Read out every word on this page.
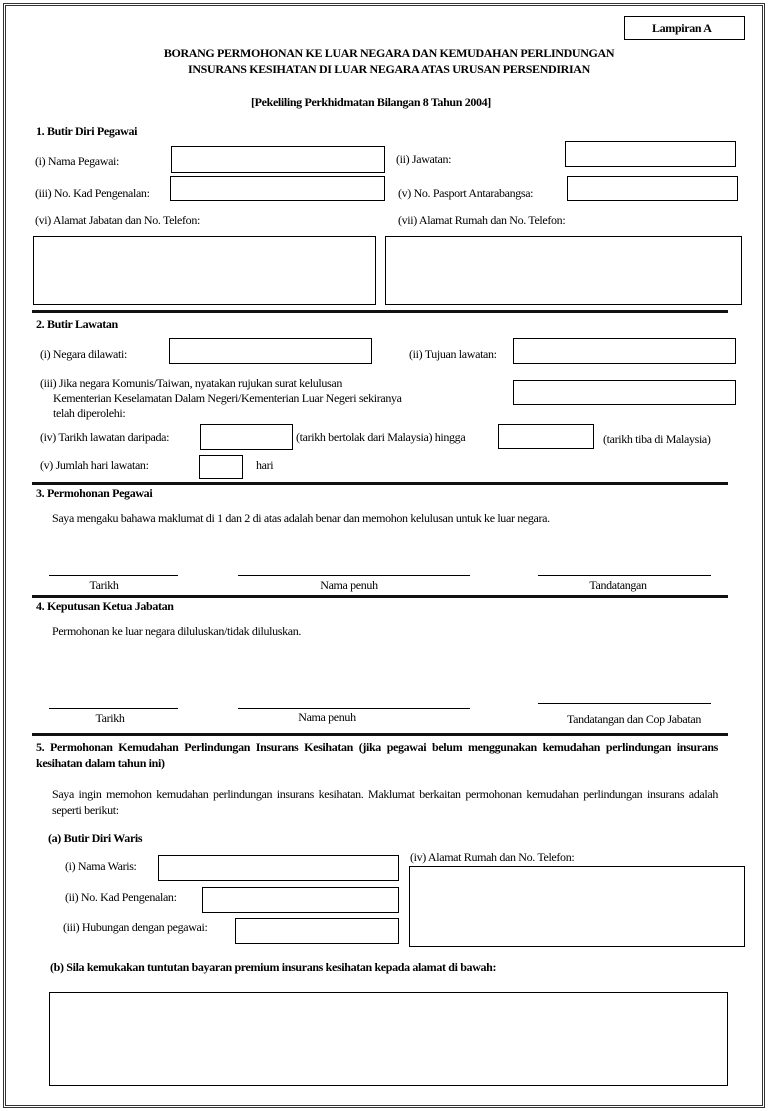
Lampiran A
BORANG PERMOHONAN KE LUAR NEGARA DAN KEMUDAHAN PERLINDUNGAN
INSURANS KESIHATAN DI LUAR NEGARA ATAS URUSAN PERSENDIRIAN
[Pekeliling Perkhidmatan Bilangan 8 Tahun 2004]
1. Butir Diri Pegawai
(i) Nama Pegawai:	(ii) Jawatan:
(iii) No. Kad Pengenalan:	(v) No. Pasport Antarabangsa:
(vi) Alamat Jabatan dan No. Telefon:	(vii) Alamat Rumah dan No. Telefon:
2. Butir Lawatan
(i) Negara dilawati:	(ii) Tujuan lawatan:
(iii) Jika negara Komunis/Taiwan, nyatakan rujukan surat kelulusan
Kementerian Keselamatan Dalam Negeri/Kementerian Luar Negeri sekiranya
telah diperolehi:
(iv) Tarikh lawatan daripada:	(tarikh bertolak dari Malaysia) hingga	(tarikh tiba di Malaysia)
(v) Jumlah hari lawatan:	hari
3. Permohonan Pegawai
Saya mengaku bahawa maklumat di 1 dan 2 di atas adalah benar dan memohon kelulusan untuk ke luar negara.
Tarikh	Nama penuh	Tandatangan
4. Keputusan Ketua Jabatan
Permohonan ke luar negara diluluskan/tidak diluluskan.
Tarikh	Nama penuh	Tandatangan dan Cop Jabatan
5. Permohonan Kemudahan Perlindungan Insurans Kesihatan (jika pegawai belum menggunakan kemudahan perlindungan insurans kesihatan dalam tahun ini)
Saya ingin memohon kemudahan perlindungan insurans kesihatan. Maklumat berkaitan permohonan kemudahan perlindungan insurans adalah seperti berikut:
(a) Butir Diri Waris
(i) Nama Waris:
(iv) Alamat Rumah dan No. Telefon:
(ii) No. Kad Pengenalan:
(iii) Hubungan dengan pegawai:
(b) Sila kemukakan tuntutan bayaran premium insurans kesihatan kepada alamat di bawah:
